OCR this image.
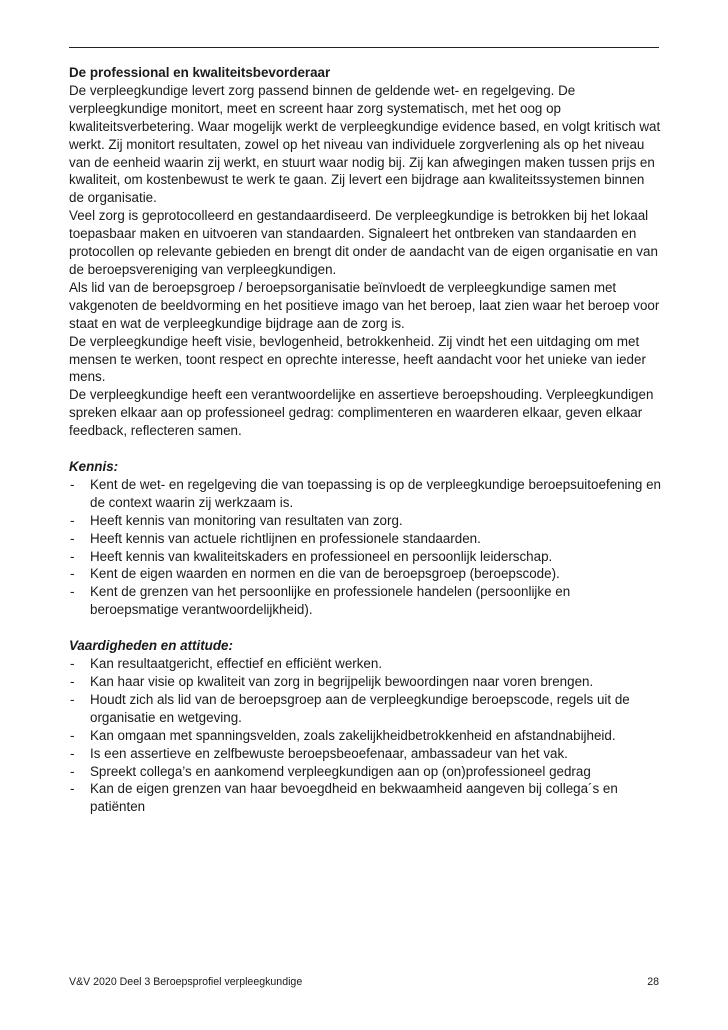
De professional en kwaliteitsbevorderaar

De verpleegkundige levert zorg passend binnen de geldende wet- en regelgeving. De verpleegkundige monitort, meet en screent haar zorg systematisch, met het oog op kwaliteitsverbetering. Waar mogelijk werkt de verpleegkundige evidence based, en volgt kritisch wat werkt. Zij monitort resultaten, zowel op het niveau van individuele zorgverlening als op het niveau van de eenheid waarin zij werkt, en stuurt waar nodig bij. Zij kan afwegingen maken tussen prijs en kwaliteit, om kostenbewust te werk te gaan. Zij levert een bijdrage aan kwaliteitssystemen binnen de organisatie.

Veel zorg is geprotocolleerd en gestandaardiseerd. De verpleegkundige is betrokken bij het lokaal toepasbaar maken en uitvoeren van standaarden. Signaleert het ontbreken van standaarden en protocollen op relevante gebieden en brengt dit onder de aandacht van de eigen organisatie en van de beroepsvereniging van verpleegkundigen.

Als lid van de beroepsgroep / beroepsorganisatie beïnvloedt de verpleegkundige samen met vakgenoten de beeldvorming en het positieve imago van het beroep, laat zien waar het beroep voor staat en wat de verpleegkundige bijdrage aan de zorg is.

De verpleegkundige heeft visie, bevlogenheid, betrokkenheid. Zij vindt het een uitdaging om met mensen te werken, toont respect en oprechte interesse, heeft aandacht voor het unieke van ieder mens.

De verpleegkundige heeft een verantwoordelijke en assertieve beroepshouding. Verpleegkundigen spreken elkaar aan op professioneel gedrag: complimenteren en waarderen elkaar, geven elkaar feedback, reflecteren samen.

Kennis:
- Kent de wet- en regelgeving die van toepassing is op de verpleegkundige beroepsuitoefening en de context waarin zij werkzaam is.
- Heeft kennis van monitoring van resultaten van zorg.
- Heeft kennis van actuele richtlijnen en professionele standaarden.
- Heeft kennis van kwaliteitskaders en professioneel en persoonlijk leiderschap.
- Kent de eigen waarden en normen en die van de beroepsgroep (beroepscode).
- Kent de grenzen van het persoonlijke en professionele handelen (persoonlijke en beroepsmatige verantwoordelijkheid).
Vaardigheden en attitude:
- Kan resultaatgericht, effectief en efficiënt werken.
- Kan haar visie op kwaliteit van zorg in begrijpelijk bewoordingen naar voren brengen.
- Houdt zich als lid van de beroepsgroep aan de verpleegkundige beroepscode, regels uit de organisatie en wetgeving.
- Kan omgaan met spanningsvelden, zoals zakelijkheidbetrokkenheid en afstandnabijheid.
- Is een assertieve en zelfbewuste beroepsbeoefenaar, ambassadeur van het vak.
- Spreekt collega’s en aankomend verpleegkundigen aan op (on)professioneel gedrag
- Kan de eigen grenzen van haar bevoegdheid en bekwaamheid aangeven bij collega´s en patiënten
V&V 2020 Deel 3 Beroepsprofiel verpleegkundige	28
